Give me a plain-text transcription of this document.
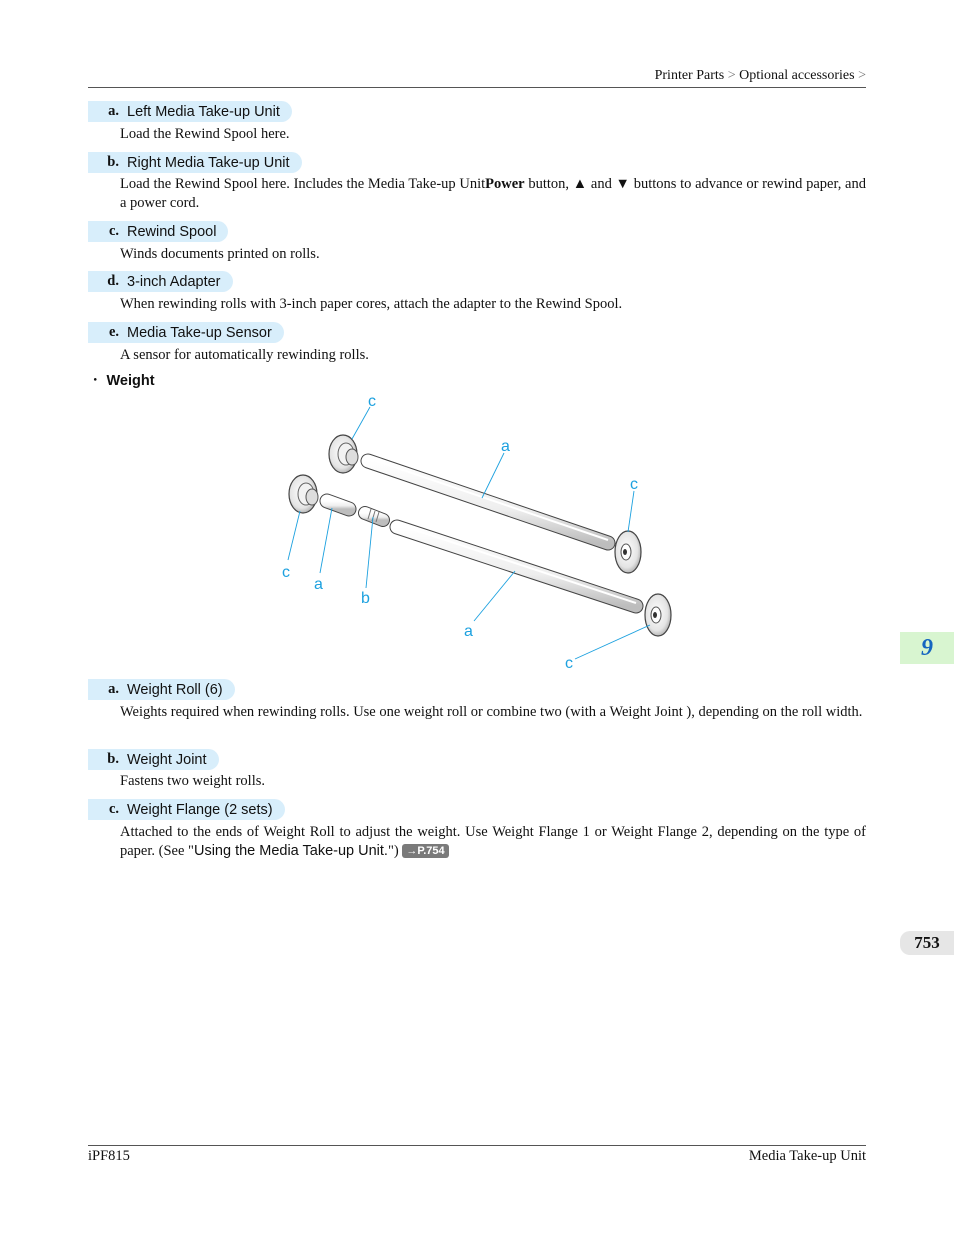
Printer Parts > Optional accessories >
a. Left Media Take-up Unit
Load the Rewind Spool here.
b. Right Media Take-up Unit
Load the Rewind Spool here. Includes the Media Take-up UnitPower button, ▲ and ▼ buttons to advance or rewind paper, and a power cord.
c. Rewind Spool
Winds documents printed on rolls.
d. 3-inch Adapter
When rewinding rolls with 3-inch paper cores, attach the adapter to the Rewind Spool.
e. Media Take-up Sensor
A sensor for automatically rewinding rolls.
・ Weight
c
a
c
c
a
b
a
c
a. Weight Roll (6)
Weights required when rewinding rolls. Use one weight roll or combine two (with a Weight Joint ), depending on the roll width.
b. Weight Joint
Fastens two weight rolls.
c. Weight Flange (2 sets)
Attached to the ends of Weight Roll to adjust the weight. Use Weight Flange 1 or Weight Flange 2, depending on the type of paper. (See "Using the Media Take-up Unit.") →P.754
9
753
iPF815	Media Take-up Unit
